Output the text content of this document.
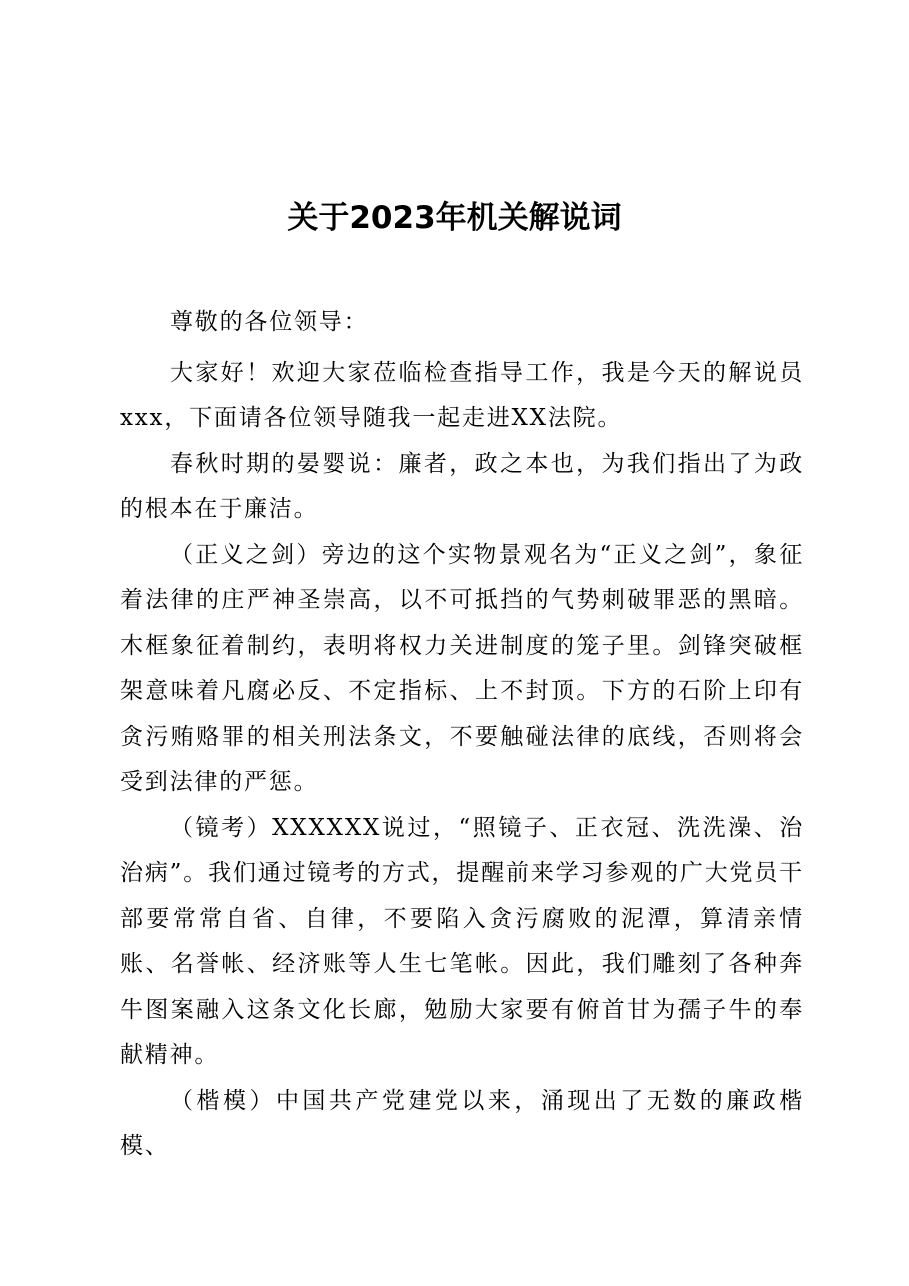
关于2023年机关解说词

尊敬的各位领导：

大家好！欢迎大家莅临检查指导工作，我是今天的解说员xxx，下面请各位领导随我一起走进XX法院。

春秋时期的晏婴说：廉者，政之本也，为我们指出了为政的根本在于廉洁。

（正义之剑）旁边的这个实物景观名为“正义之剑”，象征着法律的庄严神圣崇高，以不可抵挡的气势刺破罪恶的黑暗。木框象征着制约，表明将权力关进制度的笼子里。剑锋突破框架意味着凡腐必反、不定指标、上不封顶。下方的石阶上印有贪污贿赂罪的相关刑法条文，不要触碰法律的底线，否则将会受到法律的严惩。

（镜考）XXXXXX说过，“照镜子、正衣冠、洗洗澡、治治病”。我们通过镜考的方式，提醒前来学习参观的广大党员干部要常常自省、自律，不要陷入贪污腐败的泥潭，算清亲情账、名誉帐、经济账等人生七笔帐。因此，我们雕刻了各种奔牛图案融入这条文化长廊，勉励大家要有俯首甘为孺子牛的奉献精神。

（楷模）中国共产党建党以来，涌现出了无数的廉政楷模、
